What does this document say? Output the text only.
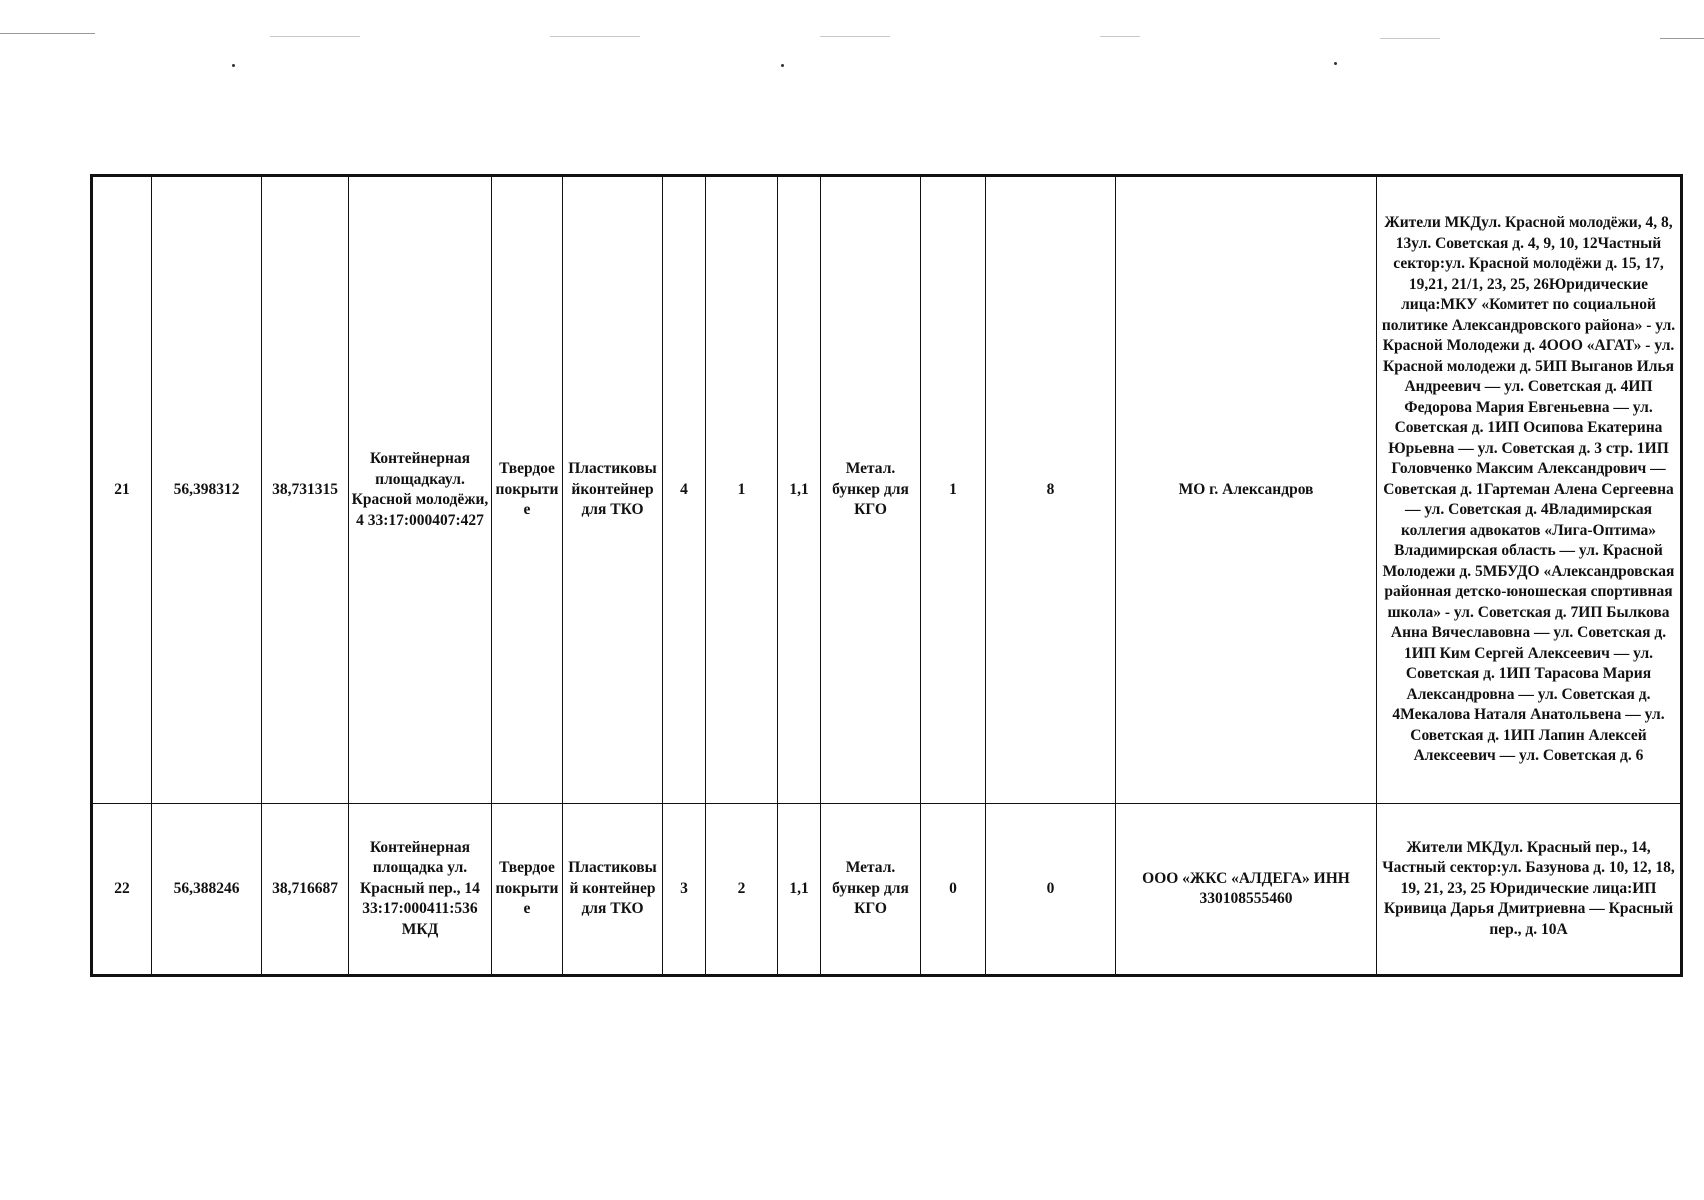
21	56,398312	38,731315	Контейнерная площадкаул. Красной молодёжи, 4 33:17:000407:427	Твердое покрытие	Пластиковыйконтейнер для ТКО	4	1	1,1	Метал. бункер для КГО	1	8	МО г. Александров	Жители МКДул. Красной молодёжи, 4, 8, 13ул. Советская д. 4, 9, 10, 12Частный сектор:ул. Красной молодёжи д. 15, 17, 19,21, 21/1, 23, 25, 26Юридические лица:МКУ «Комитет по социальной политике Александровского района» - ул. Красной Молодежи д. 4ООО «АГАТ» - ул. Красной молодежи д. 5ИП Выганов Илья Андреевич — ул. Советская д. 4ИП Федорова Мария Евгеньевна — ул. Советская д. 1ИП Осипова Екатерина Юрьевна — ул. Советская д. 3 стр. 1ИП Головченко Максим Александрович — Советская д. 1Гартеман Алена Сергеевна — ул. Советская д. 4Владимирская коллегия адвокатов «Лига-Оптима» Владимирская область — ул. Красной Молодежи д. 5МБУДО «Александровская районная детско-юношеская спортивная школа» - ул. Советская д. 7ИП Былкова Анна Вячеславовна — ул. Советская д. 1ИП Ким Сергей Алексеевич — ул. Советская д. 1ИП Тарасова Мария Александровна — ул. Советская д. 4Мекалова Наталя Анатольвена — ул. Советская д. 1ИП Лапин Алексей Алексеевич — ул. Советская д. 6
22	56,388246	38,716687	Контейнерная площадка ул. Красный пер., 14 33:17:000411:536 МКД	Твердое покрытие	Пластиковый контейнер для ТКО	3	2	1,1	Метал. бункер для КГО	0	0	ООО «ЖКС «АЛДЕГА» ИНН 330108555460	Жители МКДул. Красный пер., 14, Частный сектор:ул. Базунова д. 10, 12, 18, 19, 21, 23, 25 Юридические лица:ИП Кривица Дарья Дмитриевна — Красный пер., д. 10А
